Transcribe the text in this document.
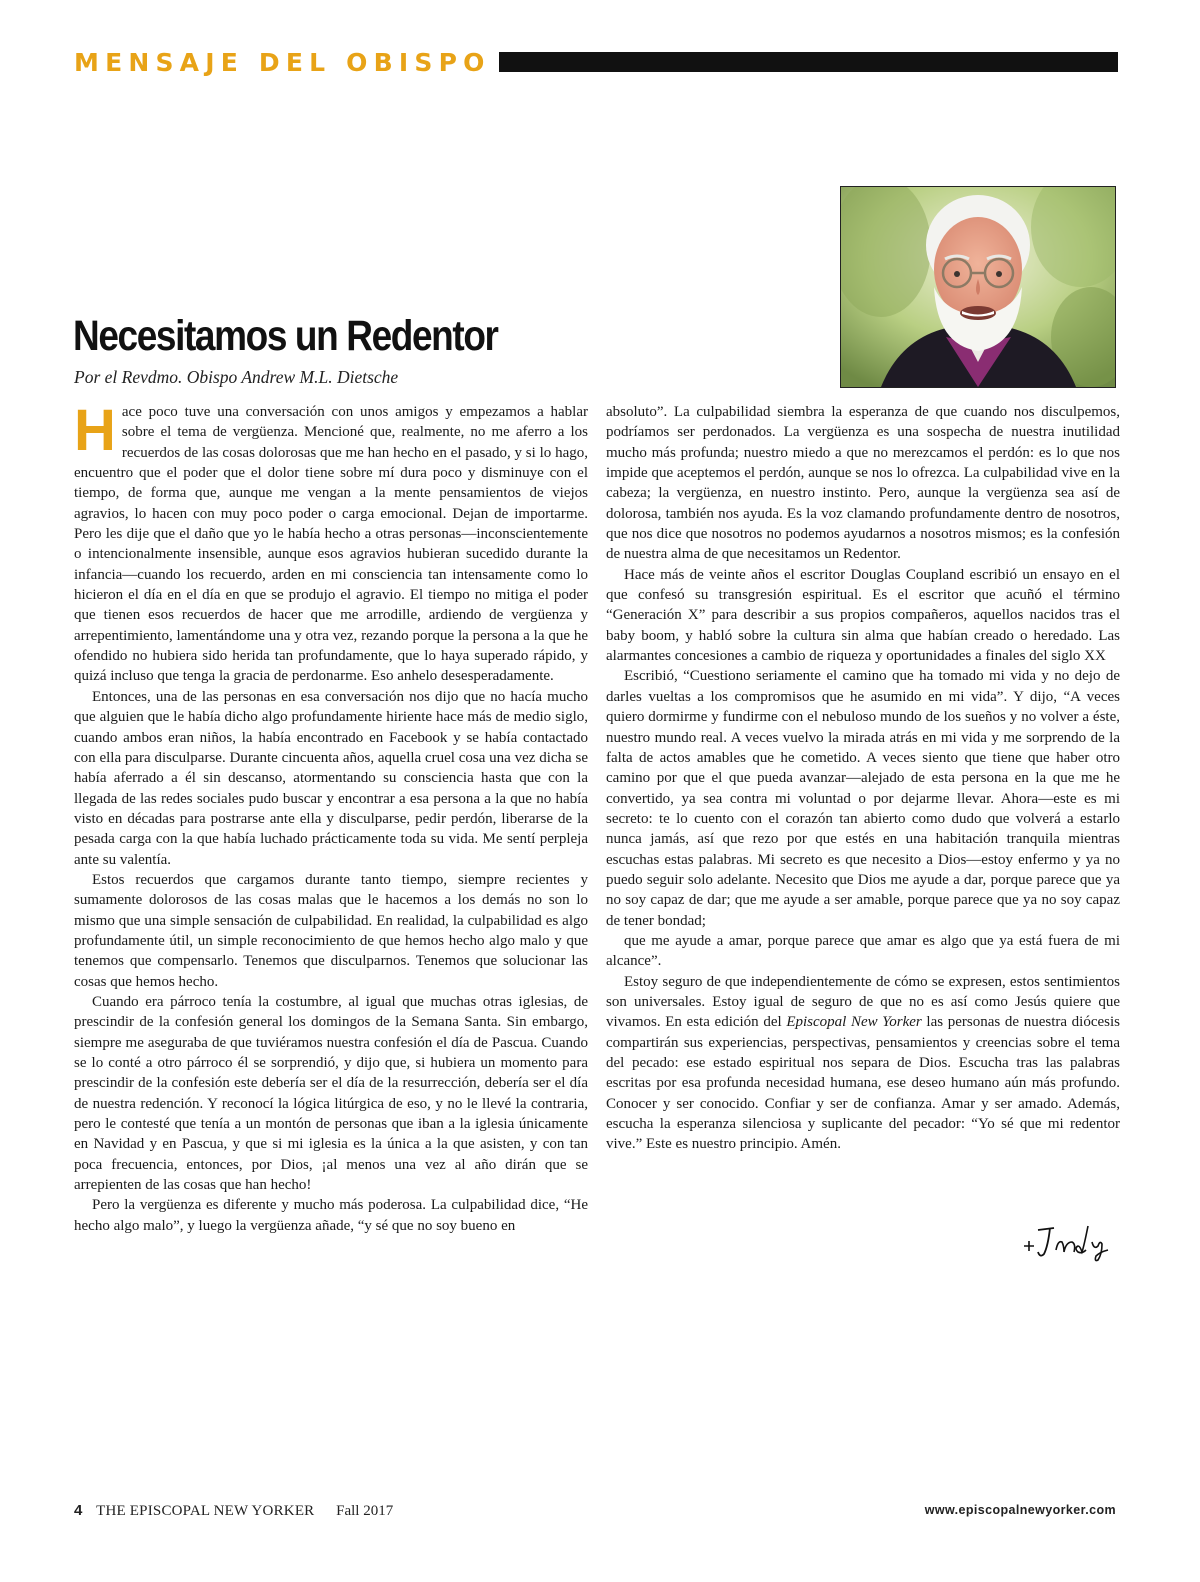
MENSAJE DEL OBISPO
Necesitamos un Redentor

Por el Revdmo. Obispo Andrew M.L. Dietsche

Hace poco tuve una conversación con unos amigos y empezamos a hablar sobre el tema de vergüenza. Mencioné que, realmente, no me aferro a los recuerdos de las cosas dolorosas que me han hecho en el pasado, y si lo hago, encuentro que el poder que el dolor tiene sobre mí dura poco y disminuye con el tiempo, de forma que, aunque me vengan a la mente pensamientos de viejos agravios, lo hacen con muy poco poder o carga emocional. Dejan de importarme. Pero les dije que el daño que yo le había hecho a otras personas—inconscientemente o intencionalmente insensible, aunque esos agravios hubieran sucedido durante la infancia—cuando los recuerdo, arden en mi consciencia tan intensamente como lo hicieron el día en el día en que se produjo el agravio. El tiempo no mitiga el poder que tienen esos recuerdos de hacer que me arrodille, ardiendo de vergüenza y arrepentimiento, lamentándome una y otra vez, rezando porque la persona a la que he ofendido no hubiera sido herida tan profundamente, que lo haya superado rápido, y quizá incluso que tenga la gracia de perdonarme. Eso anhelo desesperadamente.

Entonces, una de las personas en esa conversación nos dijo que no hacía mucho que alguien que le había dicho algo profundamente hiriente hace más de medio siglo, cuando ambos eran niños, la había encontrado en Facebook y se había contactado con ella para disculparse. Durante cincuenta años, aquella cruel cosa una vez dicha se había aferrado a él sin descanso, atormentando su consciencia hasta que con la llegada de las redes sociales pudo buscar y encontrar a esa persona a la que no había visto en décadas para postrarse ante ella y disculparse, pedir perdón, liberarse de la pesada carga con la que había luchado prácticamente toda su vida. Me sentí perpleja ante su valentía.

Estos recuerdos que cargamos durante tanto tiempo, siempre recientes y sumamente dolorosos de las cosas malas que le hacemos a los demás no son lo mismo que una simple sensación de culpabilidad. En realidad, la culpabilidad es algo profundamente útil, un simple reconocimiento de que hemos hecho algo malo y que tenemos que compensarlo. Tenemos que disculparnos. Tenemos que solucionar las cosas que hemos hecho.

Cuando era párroco tenía la costumbre, al igual que muchas otras iglesias, de prescindir de la confesión general los domingos de la Semana Santa. Sin embargo, siempre me aseguraba de que tuviéramos nuestra confesión el día de Pascua. Cuando se lo conté a otro párroco él se sorprendió, y dijo que, si hubiera un momento para prescindir de la confesión este debería ser el día de la resurrección, debería ser el día de nuestra redención. Y reconocí la lógica litúrgica de eso, y no le llevé la contraria, pero le contesté que tenía a un montón de personas que iban a la iglesia únicamente en Navidad y en Pascua, y que si mi iglesia es la única a la que asisten, y con tan poca frecuencia, entonces, por Dios, ¡al menos una vez al año dirán que se arrepienten de las cosas que han hecho!

Pero la vergüenza es diferente y mucho más poderosa. La culpabilidad dice, “He hecho algo malo”, y luego la vergüenza añade, “y sé que no soy bueno en

absoluto”. La culpabilidad siembra la esperanza de que cuando nos disculpemos, podríamos ser perdonados. La vergüenza es una sospecha de nuestra inutilidad mucho más profunda; nuestro miedo a que no merezcamos el perdón: es lo que nos impide que aceptemos el perdón, aunque se nos lo ofrezca. La culpabilidad vive en la cabeza; la vergüenza, en nuestro instinto. Pero, aunque la vergüenza sea así de dolorosa, también nos ayuda. Es la voz clamando profundamente dentro de nosotros, que nos dice que nosotros no podemos ayudarnos a nosotros mismos; es la confesión de nuestra alma de que necesitamos un Redentor.

Hace más de veinte años el escritor Douglas Coupland escribió un ensayo en el que confesó su transgresión espiritual. Es el escritor que acuñó el término “Generación X” para describir a sus propios compañeros, aquellos nacidos tras el baby boom, y habló sobre la cultura sin alma que habían creado o heredado. Las alarmantes concesiones a cambio de riqueza y oportunidades a finales del siglo XX

Escribió, “Cuestiono seriamente el camino que ha tomado mi vida y no dejo de darles vueltas a los compromisos que he asumido en mi vida”. Y dijo, “A veces quiero dormirme y fundirme con el nebuloso mundo de los sueños y no volver a éste, nuestro mundo real. A veces vuelvo la mirada atrás en mi vida y me sorprendo de la falta de actos amables que he cometido. A veces siento que tiene que haber otro camino por que el que pueda avanzar—alejado de esta persona en la que me he convertido, ya sea contra mi voluntad o por dejarme llevar. Ahora—este es mi secreto: te lo cuento con el corazón tan abierto como dudo que volverá a estarlo nunca jamás, así que rezo por que estés en una habitación tranquila mientras escuchas estas palabras. Mi secreto es que necesito a Dios—estoy enfermo y ya no puedo seguir solo adelante. Necesito que Dios me ayude a dar, porque parece que ya no soy capaz de dar; que me ayude a ser amable, porque parece que ya no soy capaz de tener bondad;

que me ayude a amar, porque parece que amar es algo que ya está fuera de mi alcance”.

Estoy seguro de que independientemente de cómo se expresen, estos sentimientos son universales. Estoy igual de seguro de que no es así como Jesús quiere que vivamos. En esta edición del Episcopal New Yorker las personas de nuestra diócesis compartirán sus experiencias, perspectivas, pensamientos y creencias sobre el tema del pecado: ese estado espiritual nos separa de Dios. Escucha tras las palabras escritas por esa profunda necesidad humana, ese deseo humano aún más profundo. Conocer y ser conocido. Confiar y ser de confianza. Amar y ser amado. Además, escucha la esperanza silenciosa y suplicante del pecador: “Yo sé que mi redentor vive.” Este es nuestro principio. Amén.

4 THE EPISCOPAL NEW YORKER Fall 2017	www.episcopalnewyorker.com
